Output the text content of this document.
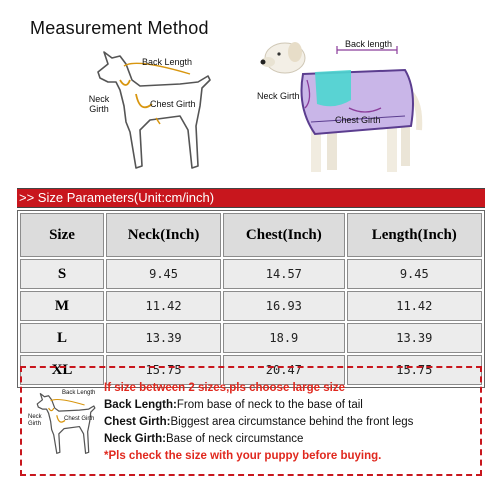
Measurement Method
Back Length
Neck Girth	Chest Girth
Back length
Neck Girth
Chest Girth
>> Size Parameters(Unit:cm/inch)
Size	Neck(Inch)	Chest(Inch)	Length(Inch)
S	9.45	14.57	9.45
M	11.42	16.93	11.42
L	13.39	18.9	13.39
XL	15.75	20.47	15.75
Back Length
Neck Girth
Chest Girth
If size between 2 sizes,pls choose large size
Back Length:From base of neck to the base of tail
Chest Girth:Biggest area circumstance behind the front legs
Neck Girth:Base of neck circumstance
*Pls check the size with your puppy before buying.
